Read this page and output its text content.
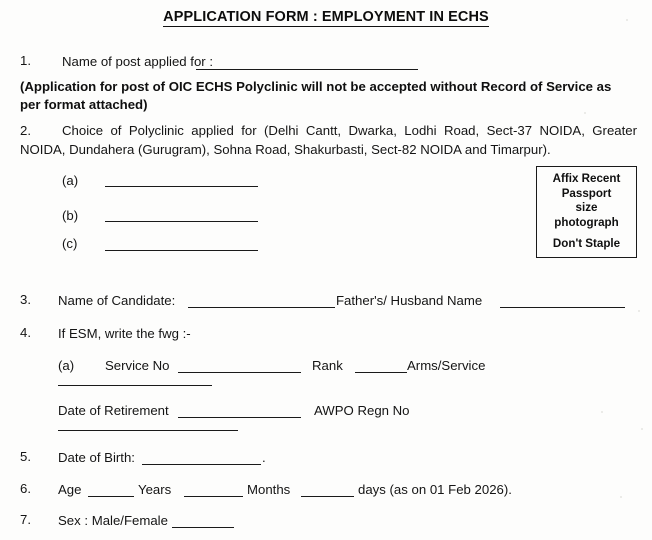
APPLICATION FORM : EMPLOYMENT IN ECHS
1. Name of post applied for :
(Application for post of OIC ECHS Polyclinic will not be accepted without Record of Service as per format attached)
2. Choice of Polyclinic applied for (Delhi Cantt, Dwarka, Lodhi Road, Sect-37 NOIDA, Greater NOIDA, Dundahera (Gurugram), Sohna Road, Shakurbasti, Sect-82 NOIDA and Timarpur).
(a)
(b)
(c)
Affix Recent
Passport
size
photograph
Don't Staple
3. Name of Candidate:	Father's/ Husband Name
4. If ESM, write the fwg :-
(a) Service No	Rank	Arms/Service
Date of Retirement	AWPO Regn No
5. Date of Birth:	.
6. Age	Years	Months	days (as on 01 Feb 2026).
7. Sex : Male/Female
